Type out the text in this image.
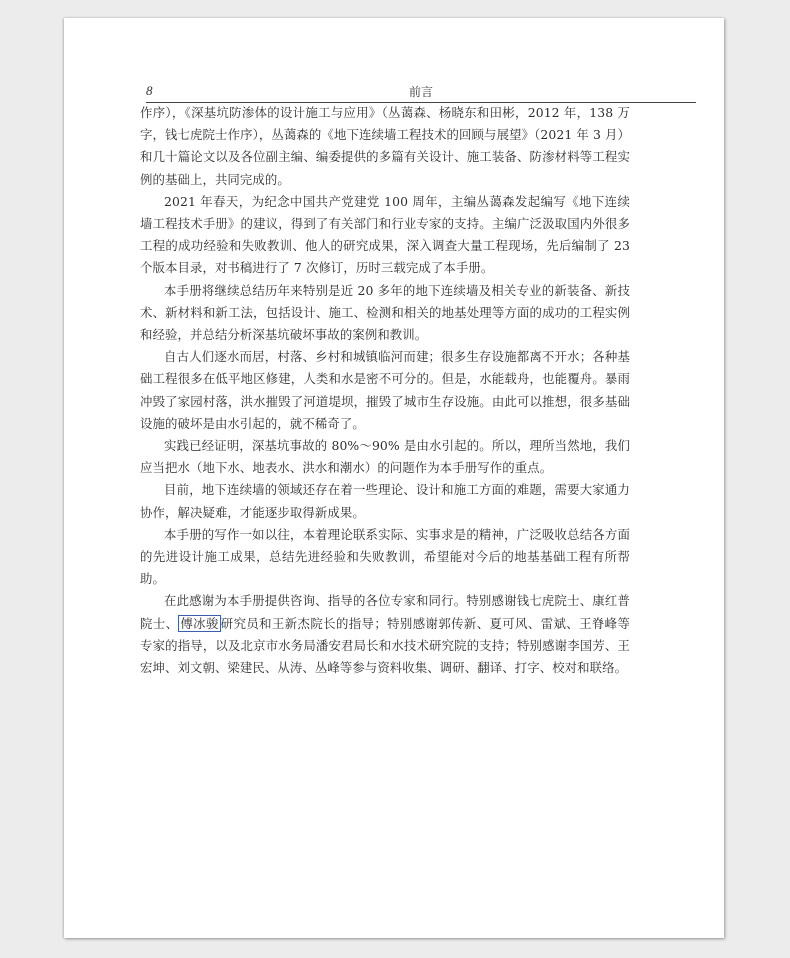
8	前言

作序），《深基坑防渗体的设计施工与应用》（丛蔼森、杨晓东和田彬，2012 年，138 万字，钱七虎院士作序），丛蔼森的《地下连续墙工程技术的回顾与展望》（2021 年 3 月）和几十篇论文以及各位副主编、编委提供的多篇有关设计、施工装备、防渗材料等工程实例的基础上，共同完成的。

2021 年春天，为纪念中国共产党建党 100 周年，主编丛蔼森发起编写《地下连续墙工程技术手册》的建议，得到了有关部门和行业专家的支持。主编广泛汲取国内外很多工程的成功经验和失败教训、他人的研究成果，深入调查大量工程现场，先后编制了 23 个版本目录，对书稿进行了 7 次修订，历时三载完成了本手册。

本手册将继续总结历年来特别是近 20 多年的地下连续墙及相关专业的新装备、新技术、新材料和新工法，包括设计、施工、检测和相关的地基处理等方面的成功的工程实例和经验，并总结分析深基坑破坏事故的案例和教训。

自古人们逐水而居，村落、乡村和城镇临河而建；很多生存设施都离不开水；各种基础工程很多在低平地区修建，人类和水是密不可分的。但是，水能载舟，也能覆舟。暴雨冲毁了家园村落，洪水摧毁了河道堤坝，摧毁了城市生存设施。由此可以推想，很多基础设施的破坏是由水引起的，就不稀奇了。

实践已经证明，深基坑事故的 80%～90% 是由水引起的。所以，理所当然地，我们应当把水（地下水、地表水、洪水和潮水）的问题作为本手册写作的重点。

目前，地下连续墙的领域还存在着一些理论、设计和施工方面的难题，需要大家通力协作，解决疑难，才能逐步取得新成果。

本手册的写作一如以往，本着理论联系实际、实事求是的精神，广泛吸收总结各方面的先进设计施工成果，总结先进经验和失败教训，希望能对今后的地基基础工程有所帮助。

在此感谢为本手册提供咨询、指导的各位专家和同行。特别感谢钱七虎院士、康红普院士、 傅冰骏 研究员和王新杰院长的指导；特别感谢郭传新、夏可风、雷斌、王脊峰等专家的指导，以及北京市水务局潘安君局长和水技术研究院的支持；特别感谢李国芳、王宏坤、刘文朝、梁建民、从涛、丛峰等参与资料收集、调研、翻译、打字、校对和联络。
